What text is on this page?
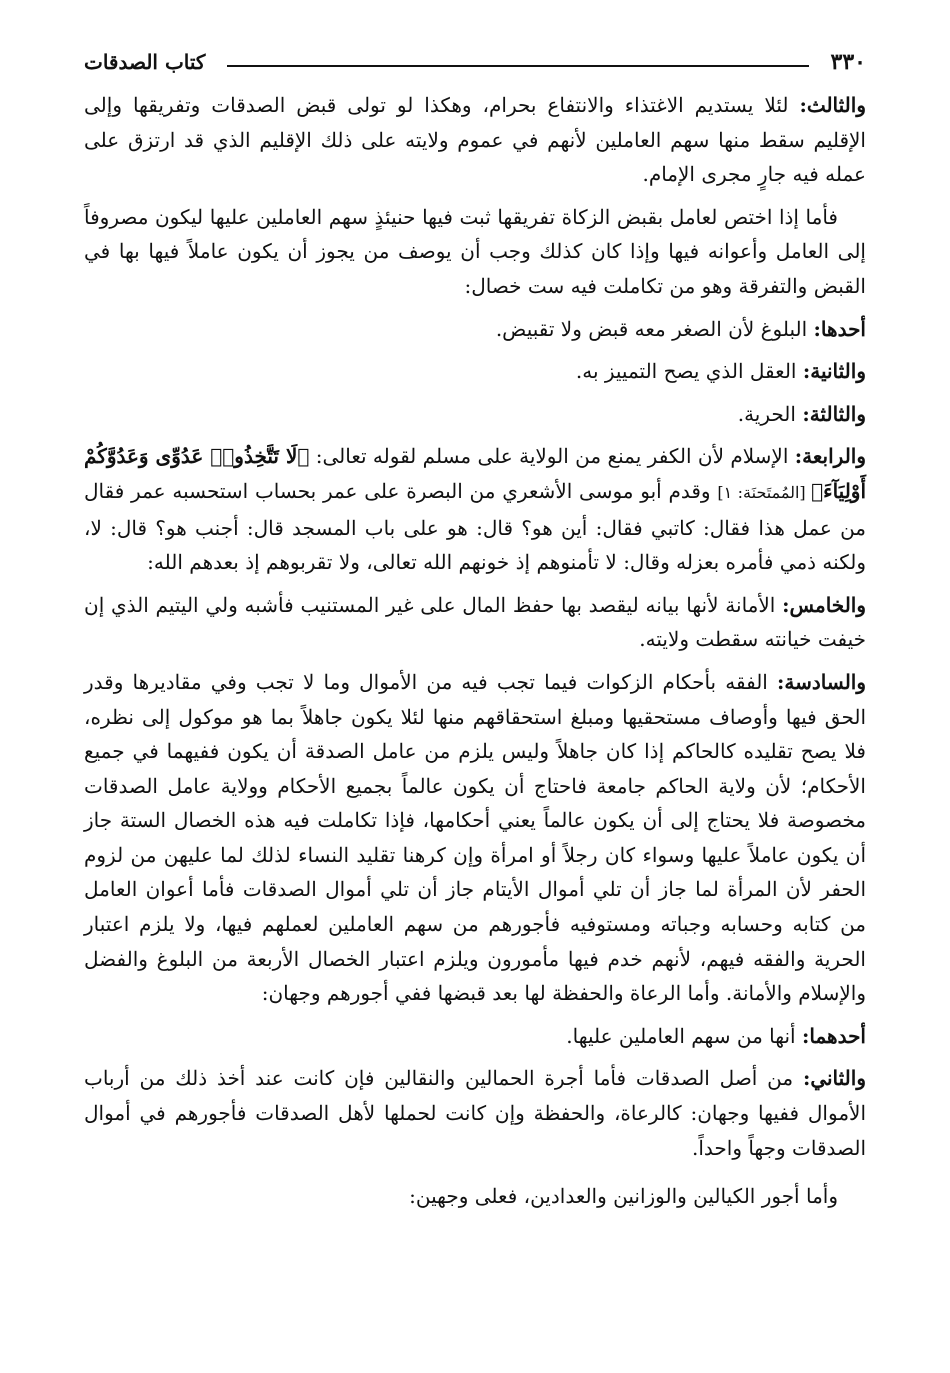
٣٣٠
كتاب الصدقات

والثالث: لئلا يستديم الاغتذاء والانتفاع بحرام، وهكذا لو تولى قبض الصدقات وتفريقها وإلى الإقليم سقط منها سهم العاملين لأنهم في عموم ولايته على ذلك الإقليم الذي قد ارتزق على عمله فيه جارٍ مجرى الإمام.

فأما إذا اختص لعامل بقبض الزكاة تفريقها ثبت فيها حنيئذٍ سهم العاملين عليها ليكون مصروفاً إلى العامل وأعوانه فيها وإذا كان كذلك وجب أن يوصف من يجوز أن يكون عاملاً فيها بها في القبض والتفرقة وهو من تكاملت فيه ست خصال:

أحدها: البلوغ لأن الصغر معه قبض ولا تقبيض.

والثانية: العقل الذي يصح التمييز به.

والثالثة: الحرية.

والرابعة: الإسلام لأن الكفر يمنع من الولاية على مسلم لقوله تعالى: ﴿لَا تَتَّخِذُوا۟ عَدُوِّى وَعَدُوَّكُمْ أَوْلِيَآءَ﴾ [المُمتَحنَة: ١] وقدم أبو موسى الأشعري من البصرة على عمر بحساب استحسبه عمر فقال من عمل هذا فقال: كاتبي فقال: أين هو؟ قال: هو على باب المسجد قال: أجنب هو؟ قال: لا، ولكنه ذمي فأمره بعزله وقال: لا تأمنوهم إذ خونهم الله تعالى، ولا تقربوهم إذ بعدهم الله:

والخامس: الأمانة لأنها بيانه ليقصد بها حفظ المال على غير المستنيب فأشبه ولي اليتيم الذي إن خيفت خيانته سقطت ولايته.

والسادسة: الفقه بأحكام الزكوات فيما تجب فيه من الأموال وما لا تجب وفي مقاديرها وقدر الحق فيها وأوصاف مستحقيها ومبلغ استحقاقهم منها لئلا يكون جاهلاً بما هو موكول إلى نظره، فلا يصح تقليده كالحاكم إذا كان جاهلاً وليس يلزم من عامل الصدقة أن يكون ففيهما في جميع الأحكام؛ لأن ولاية الحاكم جامعة فاحتاج أن يكون عالماً بجميع الأحكام وولاية عامل الصدقات مخصوصة فلا يحتاج إلى أن يكون عالماً يعني أحكامها، فإذا تكاملت فيه هذه الخصال الستة جاز أن يكون عاملاً عليها وسواء كان رجلاً أو امرأة وإن كرهنا تقليد النساء لذلك لما عليهن من لزوم الحفر لأن المرأة لما جاز أن تلي أموال الأيتام جاز أن تلي أموال الصدقات فأما أعوان العامل من كتابه وحسابه وجباته ومستوفيه فأجورهم من سهم العاملين لعملهم فيها، ولا يلزم اعتبار الحرية والفقه فيهم، لأنهم خدم فيها مأمورون ويلزم اعتبار الخصال الأربعة من البلوغ والفضل والإسلام والأمانة. وأما الرعاة والحفظة لها بعد قبضها ففي أجورهم وجهان:

أحدهما: أنها من سهم العاملين عليها.

والثاني: من أصل الصدقات فأما أجرة الحمالين والنقالين فإن كانت عند أخذ ذلك من أرباب الأموال ففيها وجهان: كالرعاة، والحفظة وإن كانت لحملها لأهل الصدقات فأجورهم في أموال الصدقات وجهاً واحداً.

وأما أجور الكيالين والوزانين والعدادين، فعلى وجهين:
